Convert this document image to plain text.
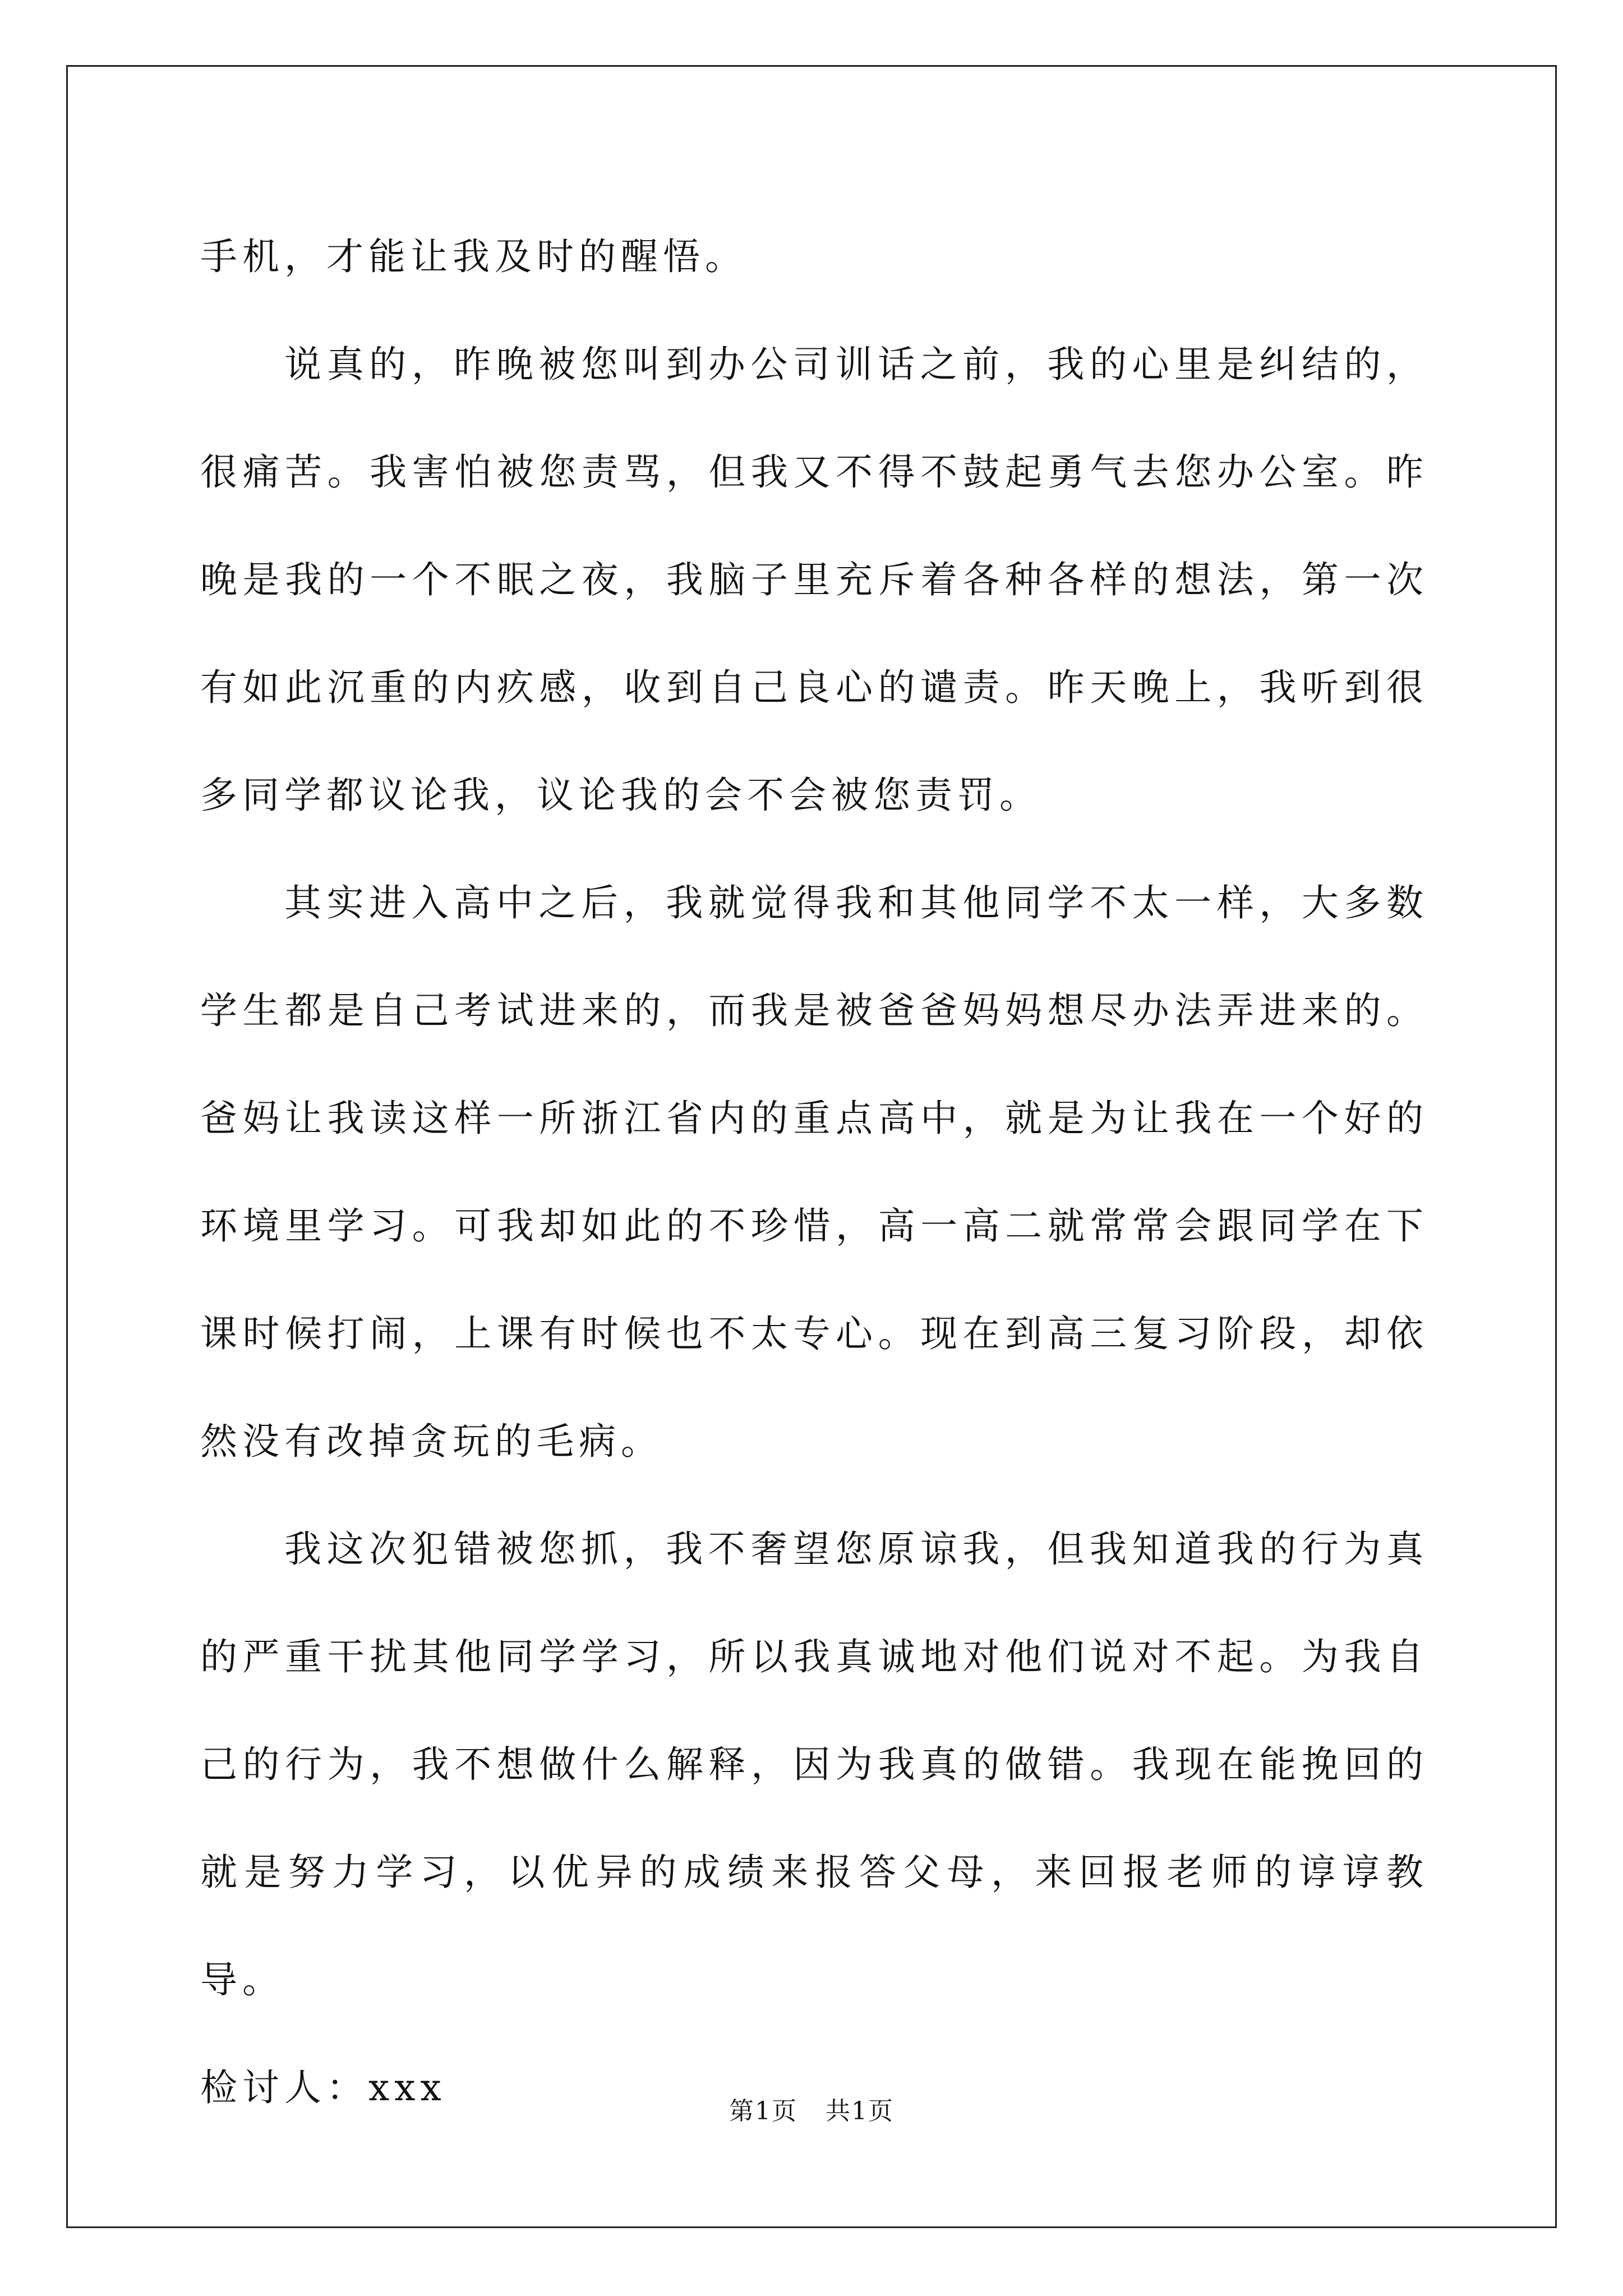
手机，才能让我及时的醒悟。

说真的，昨晚被您叫到办公司训话之前，我的心里是纠结的，很痛苦。我害怕被您责骂，但我又不得不鼓起勇气去您办公室。昨晚是我的一个不眠之夜，我脑子里充斥着各种各样的想法，第一次有如此沉重的内疚感，收到自己良心的谴责。昨天晚上，我听到很多同学都议论我，议论我的会不会被您责罚。

其实进入高中之后，我就觉得我和其他同学不太一样，大多数学生都是自己考试进来的，而我是被爸爸妈妈想尽办法弄进来的。爸妈让我读这样一所浙江省内的重点高中，就是为让我在一个好的环境里学习。可我却如此的不珍惜，高一高二就常常会跟同学在下课时候打闹，上课有时候也不太专心。现在到高三复习阶段，却依然没有改掉贪玩的毛病。

我这次犯错被您抓，我不奢望您原谅我，但我知道我的行为真的严重干扰其他同学学习，所以我真诚地对他们说对不起。为我自己的行为，我不想做什么解释，因为我真的做错。我现在能挽回的就是努力学习，以优异的成绩来报答父母，来回报老师的谆谆教导。

检讨人：xxx

第1页 共1页
